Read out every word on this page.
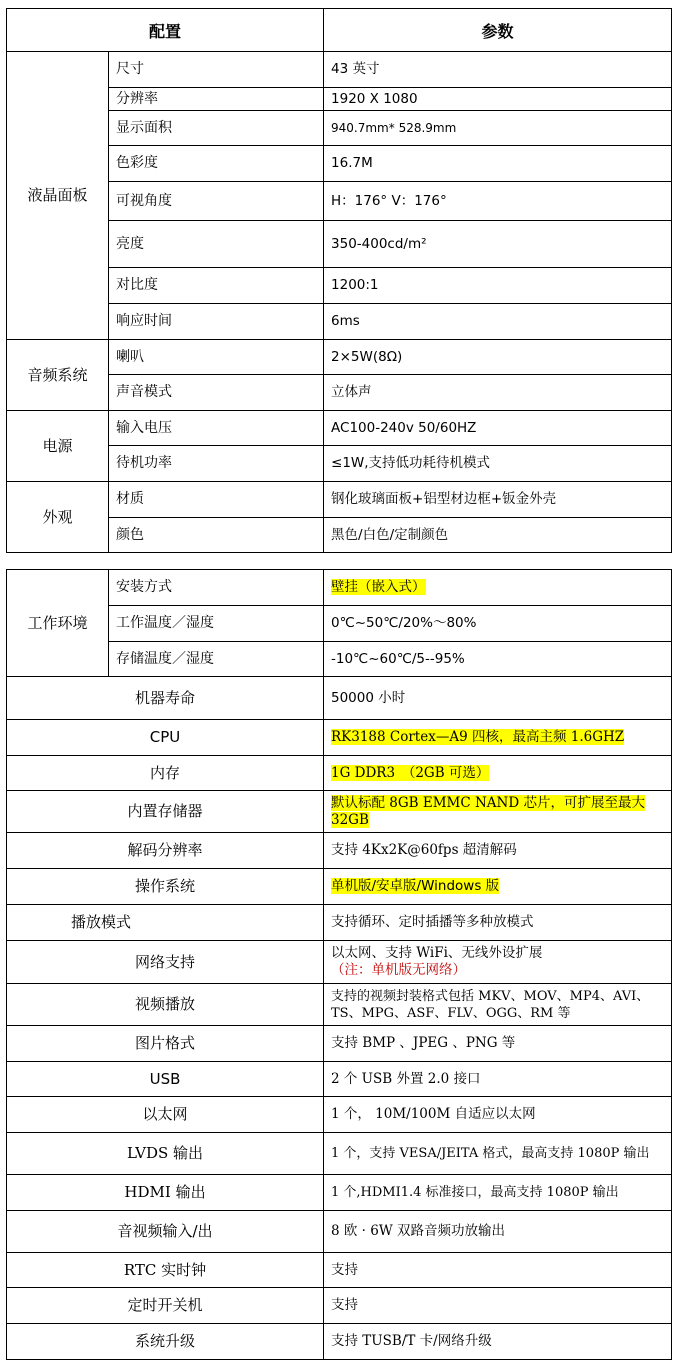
配置		参数
液晶面板	尺寸	43 英寸
	分辨率	1920 X 1080
	显示面积	940.7mm* 528.9mm
	色彩度	16.7M
	可视角度	H：176° V：176°
	亮度	350-400cd/m²
	对比度	1200:1
	响应时间	6ms
音频系统	喇叭	2×5W(8Ω)
	声音模式	立体声
电源	输入电压	AC100-240v 50/60HZ
	待机功率	≤1W,支持低功耗待机模式
外观	材质	钢化玻璃面板+铝型材边框+钣金外壳
	颜色	黑色/白色/定制颜色
工作环境	安装方式	壁挂（嵌入式）
	工作温度／湿度	0℃~50℃/20%～80%
	存储温度／湿度	-10℃~60℃/5--95%
机器寿命		50000 小时
CPU		RK3188 Cortex—A9 四核，最高主频 1.6GHZ
内存		1G DDR3　（2GB 可选）
内置存储器		默认标配 8GB EMMC NAND 芯片，可扩展至最大 32GB
解码分辨率		支持 4Kx2K@60fps 超清解码
操作系统		单机版/安卓版/Windows 版
播放模式		支持循环、定时插播等多种放模式
网络支持		以太网、支持 WiFi、无线外设扩展
（注：单机版无网络）

视频播放		支持的视频封装格式包括 MKV、MOV、MP4、AVI、TS、MPG、ASF、FLV、OGG、RM 等
图片格式		支持 BMP 、JPEG 、PNG 等
USB		2 个 USB 外置 2.0 接口
以太网		1 个， 10M/100M 自适应以太网
LVDS 输出		1 个，支持 VESA/JEITA 格式，最高支持 1080P 输出
HDMI 输出		1 个,HDMI1.4 标准接口，最高支持 1080P 输出
音视频输入/出		8 欧 · 6W 双路音频功放输出
RTC 实时钟		支持
定时开关机		支持
系统升级		支持 TUSB/T 卡/网络升级
